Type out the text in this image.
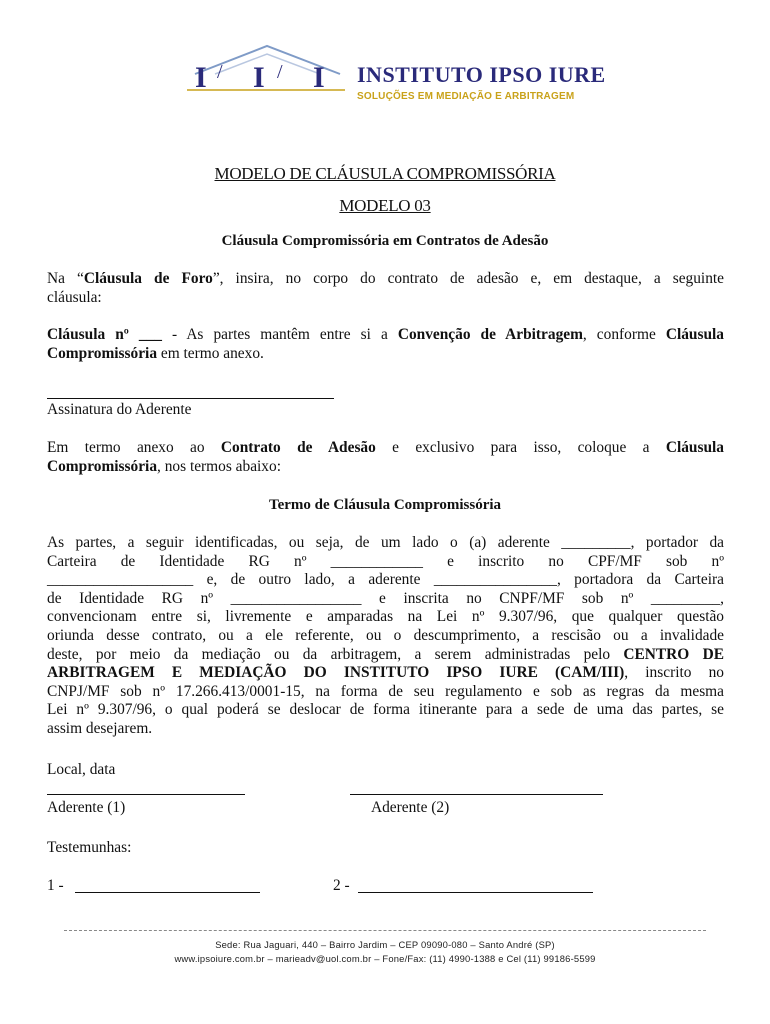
I / I / I INSTITUTO IPSO IURE
SOLUÇÕES EM MEDIAÇÃO E ARBITRAGEM
MODELO DE CLÁUSULA COMPROMISSÓRIA
MODELO 03
Cláusula Compromissória em Contratos de Adesão
Na “Cláusula de Foro”, insira, no corpo do contrato de adesão e, em destaque, a seguinte
cláusula:
Cláusula nº ___ - As partes mantêm entre si a Convenção de Arbitragem, conforme Cláusula
Compromissória em termo anexo.
Assinatura do Aderente
Em termo anexo ao Contrato de Adesão e exclusivo para isso, coloque a Cláusula
Compromissória, nos termos abaixo:
Termo de Cláusula Compromissória
As partes, a seguir identificadas, ou seja, de um lado o (a) aderente _________, portador da
Carteira de Identidade RG nº ____________ e inscrito no CPF/MF sob nº
___________________ e, de outro lado, a aderente ________________, portadora da Carteira
de Identidade RG nº _________________ e inscrita no CNPF/MF sob nº _________,
convencionam entre si, livremente e amparadas na Lei nº 9.307/96, que qualquer questão
oriunda desse contrato, ou a ele referente, ou o descumprimento, a rescisão ou a invalidade
deste, por meio da mediação ou da arbitragem, a serem administradas pelo CENTRO DE
ARBITRAGEM E MEDIAÇÃO DO INSTITUTO IPSO IURE (CAM/III), inscrito no
CNPJ/MF sob nº 17.266.413/0001-15, na forma de seu regulamento e sob as regras da mesma
Lei nº 9.307/96, o qual poderá se deslocar de forma itinerante para a sede de uma das partes, se
assim desejarem.
Local, data
Aderente (1)	Aderente (2)
Testemunhas:
1 -	2 -
Sede: Rua Jaguari, 440 – Bairro Jardim – CEP 09090-080 – Santo André (SP)
www.ipsoiure.com.br – marieadv@uol.com.br – Fone/Fax: (11) 4990-1388 e Cel (11) 99186-5599
